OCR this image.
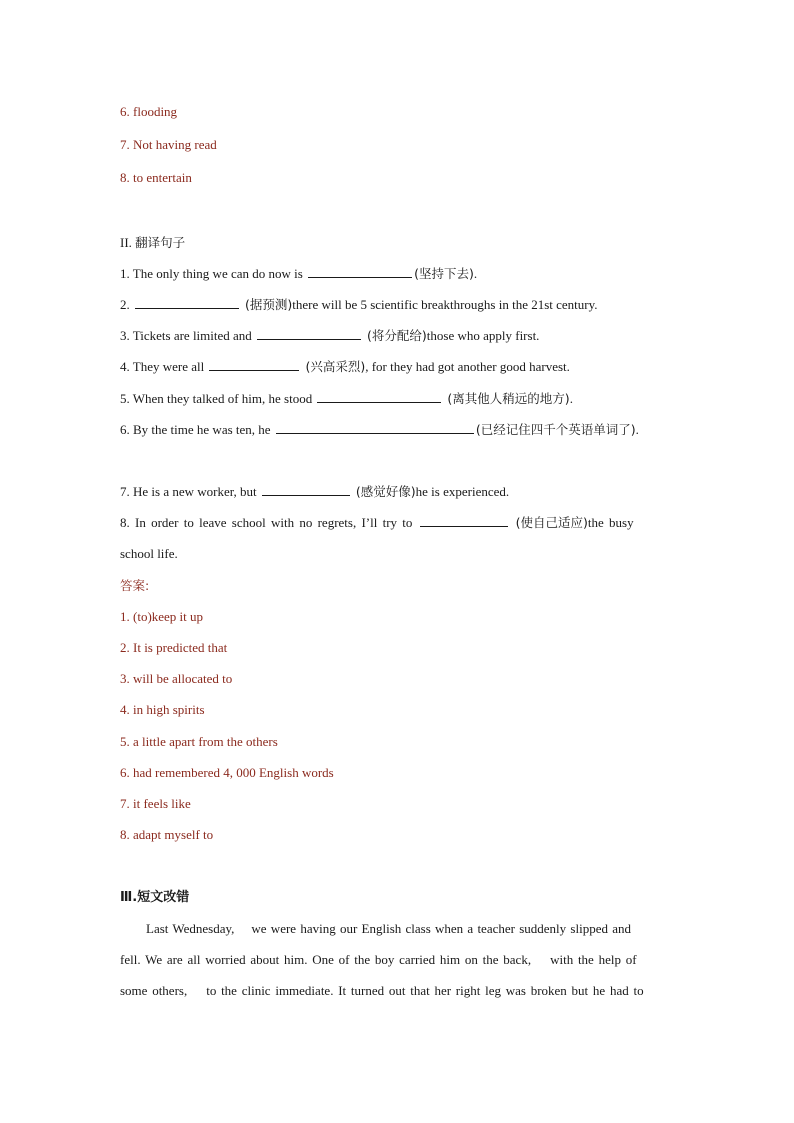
6. flooding
7. Not having read
8. to entertain
II. 翻译句子
1. The only thing we can do now is	(坚持下去).
2.	(据预测)there will be 5 scientific breakthroughs in the 21st century.
3. Tickets are limited and	(将分配给)those who apply first.
4. They were all	(兴高采烈), for they had got another good harvest.
5. When they talked of him, he stood	(离其他人稍远的地方).
6. By the time he was ten, he	(已经记住四千个英语单词了).
7. He is a new worker, but	(感觉好像)he is experienced.
8. In order to leave school with no regrets, I’ll try to	(使自己适应)the busy
school life.
答案:
1. (to)keep it up
2. It is predicted that
3. will be allocated to
4. in high spirits
5. a little apart from the others
6. had remembered 4, 000 English words
7. it feels like
8. adapt myself to
Ⅲ.短文改错
Last Wednesday,    we were having our English class when a teacher suddenly slipped and
fell. We are all worried about him. One of the boy carried him on the back,    with the help of
some others,    to the clinic immediate. It turned out that her right leg was broken but he had to
